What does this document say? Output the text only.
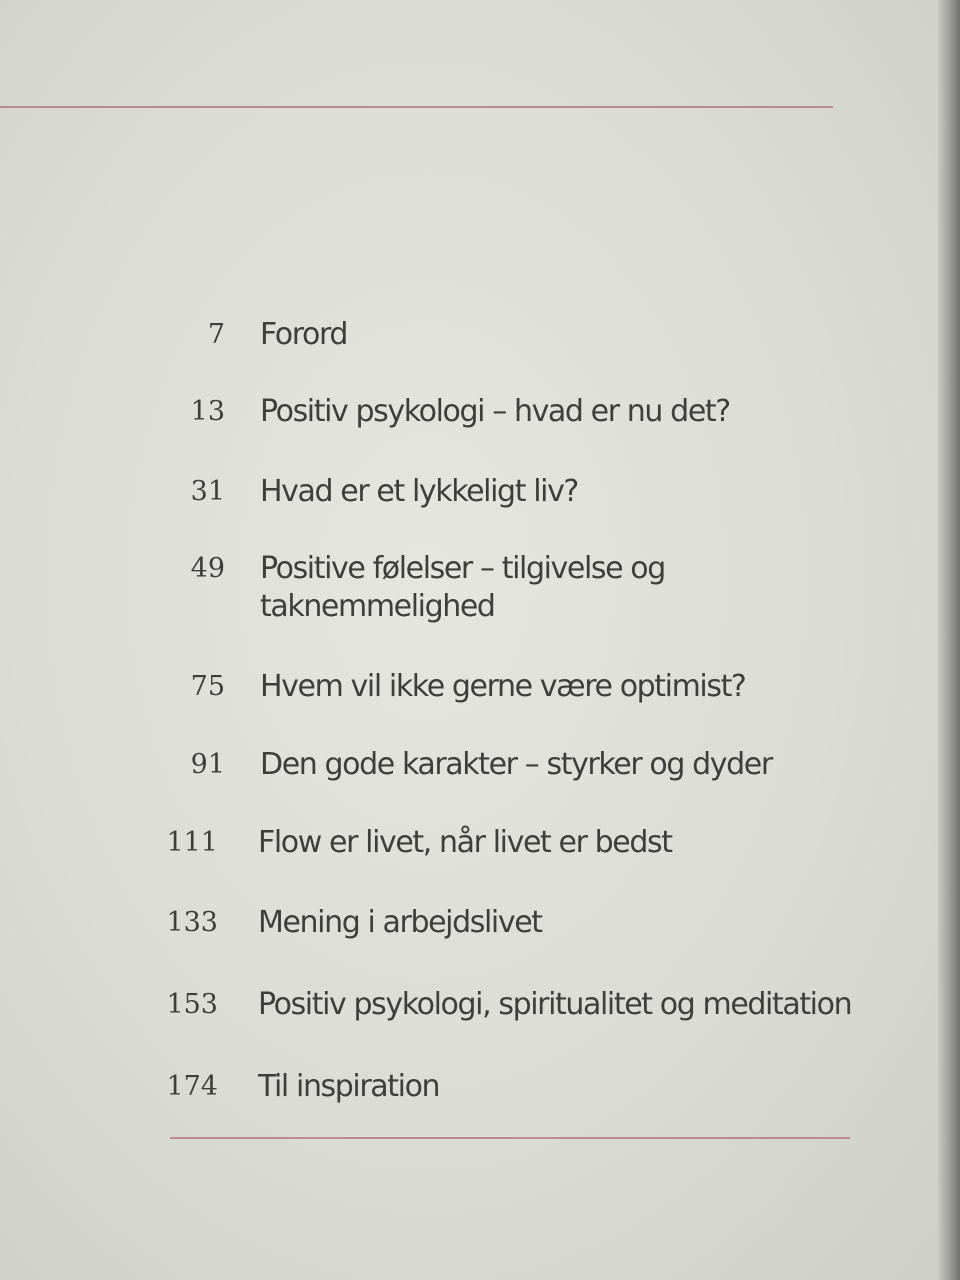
7 Forord
13 Positiv psykologi – hvad er nu det?
31 Hvad er et lykkeligt liv?
49 Positive følelser – tilgivelse og
taknemmelighed
75 Hvem vil ikke gerne være optimist?
91 Den gode karakter – styrker og dyder
111 Flow er livet, når livet er bedst
133 Mening i arbejdslivet
153 Positiv psykologi, spiritualitet og meditation
174 Til inspiration
